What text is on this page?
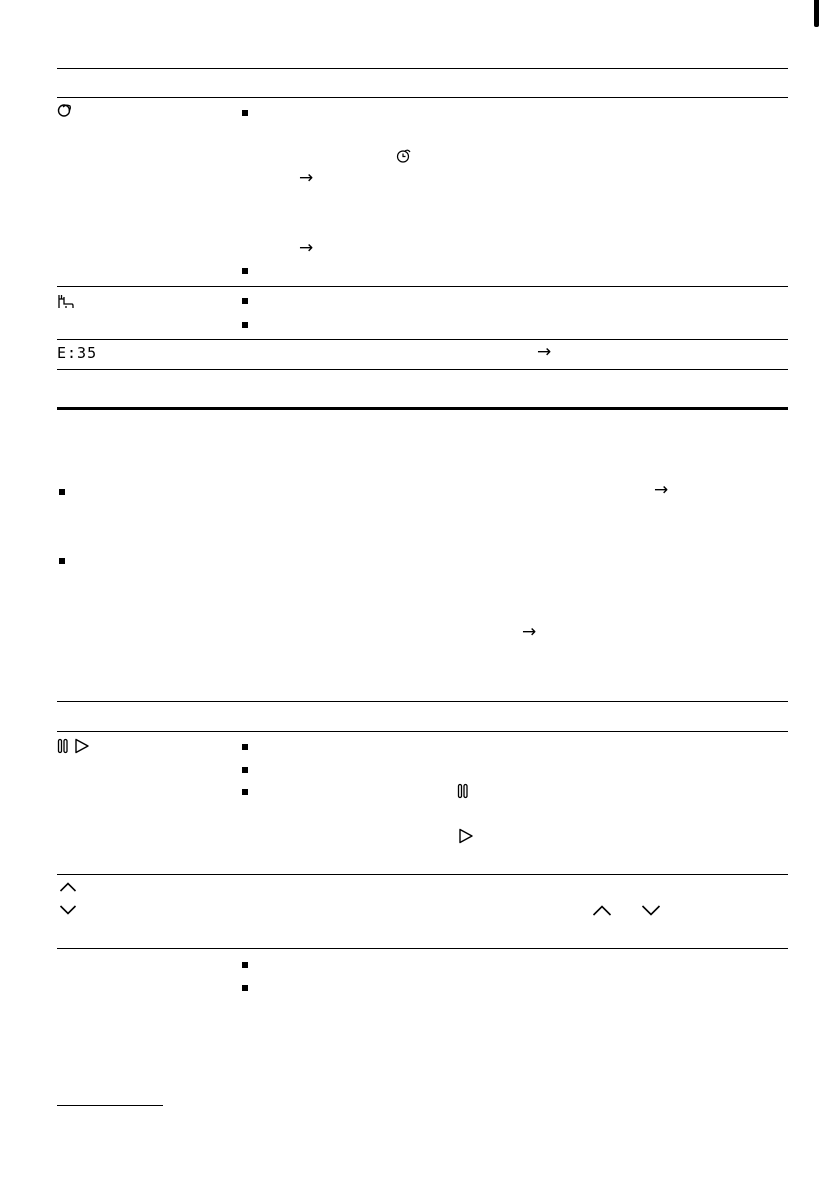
→
→
E:35	→
→
→
